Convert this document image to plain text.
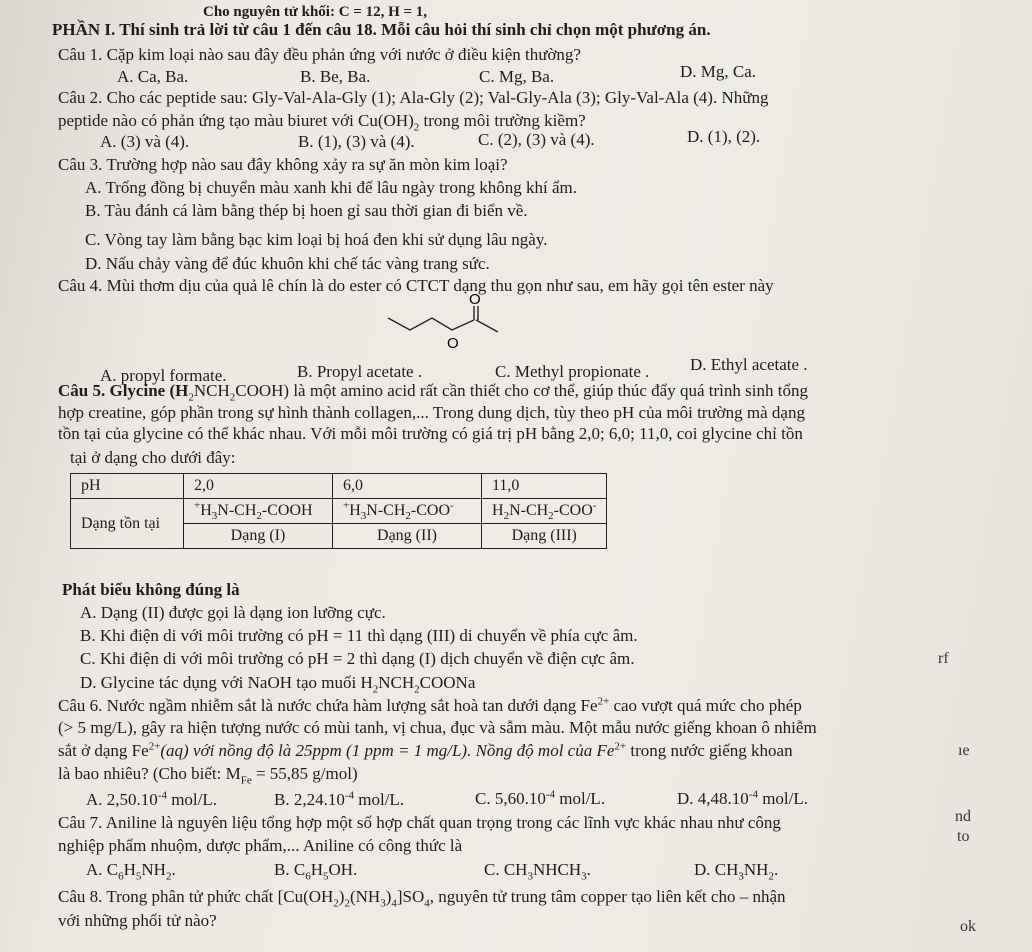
Cho nguyên tử khối: C = 12, H = 1,
PHẦN I. Thí sinh trả lời từ câu 1 đến câu 18. Mỗi câu hỏi thí sinh chỉ chọn một phương án.
Câu 1. Cặp kim loại nào sau đây đều phản ứng với nước ở điều kiện thường?
A. Ca, Ba.	B. Be, Ba.	C. Mg, Ba.	D. Mg, Ca.
Câu 2. Cho các peptide sau: Gly-Val-Ala-Gly (1); Ala-Gly (2); Val-Gly-Ala (3); Gly-Val-Ala (4). Những
peptide nào có phản ứng tạo màu biuret với $Cu(OH)_2$ trong môi trường kiềm?
A. (3) và (4).	B. (1), (3) và (4).	C. (2), (3) và (4).	D. (1), (2).
Câu 3. Trường hợp nào sau đây không xảy ra sự ăn mòn kim loại?
A. Trống đồng bị chuyển màu xanh khi để lâu ngày trong không khí ẩm.
B. Tàu đánh cá làm bằng thép bị hoen gỉ sau thời gian đi biển về.
C. Vòng tay làm bằng bạc kim loại bị hoá đen khi sử dụng lâu ngày.
D. Nấu chảy vàng để đúc khuôn khi chế tác vàng trang sức.
Câu 4. Mùi thơm dịu của quả lê chín là do ester có CTCT dạng thu gọn như sau, em hãy gọi tên ester này
O
O
A. propyl formate.	B. Propyl acetate .	C. Methyl propionate . D. Ethyl acetate .
Câu 5. Glycine $(H_2NCH_2COOH)$ là một amino acid rất cần thiết cho cơ thể, giúp thúc đẩy quá trình sinh tổng
hợp creatine, góp phần trong sự hình thành collagen,... Trong dung dịch, tùy theo pH của môi trường mà dạng
tồn tại của glycine có thể khác nhau. Với mỗi môi trường có giá trị pH bằng 2,0; 6,0; 11,0, coi glycine chỉ tồn
tại ở dạng cho dưới đây:
pH	2,0	6,0	11,0
Dạng tồn tại	$^+H_3N-CH_2$-COOH	$^+H_3N-CH_2-COO^-$	$H_2N-CH_2-COO^-$
	Dạng (I)	Dạng (II)	Dạng (III)
Phát biểu không đúng là
A. Dạng (II) được gọi là dạng ion lưỡng cực.
B. Khi điện di với môi trường có pH = 11 thì dạng (III) di chuyển về phía cực âm.
C. Khi điện di với môi trường có pH = 2 thì dạng (I) dịch chuyển về điện cực âm.
D. Glycine tác dụng với NaOH tạo muối $H_2NCH_2COONa$
Câu 6. Nước ngầm nhiễm sắt là nước chứa hàm lượng sắt hoà tan dưới dạng $Fe^{2+}$ cao vượt quá mức cho phép
(> 5 mg/L), gây ra hiện tượng nước có mùi tanh, vị chua, đục và sẫm màu. Một mẫu nước giếng khoan ô nhiễm
sắt ở dạng $Fe^{2+}(aq)$ với nồng độ là 25ppm (1 ppm = 1 mg/L). Nồng độ mol của $Fe^{2+}$ trong nước giếng khoan
là bao nhiêu? (Cho biết: $M_{Fe} = 55,85$ g/mol)
A. $2,50.10^{-4}$ mol/L.	B. $2,24.10^{-4}$ mol/L.	C. $5,60.10^{-4}$ mol/L.	D. $4,48.10^{-4}$ mol/L.
Câu 7. Aniline là nguyên liệu tổng hợp một số hợp chất quan trọng trong các lĩnh vực khác nhau như công
nghiệp phẩm nhuộm, dược phẩm,... Aniline có công thức là
A. $C_6H_5NH_2$.	B. $C_6H_5OH$.	C. $CH_3NHCH_3$.	D. $CH_3NH_2$.
Câu 8. Trong phân tử phức chất $[Cu(OH_2)_2(NH_3)_4]SO_4$, nguyên tử trung tâm copper tạo liên kết cho – nhận
với những phối tử nào?
rf
ıe
nd
to
ok
